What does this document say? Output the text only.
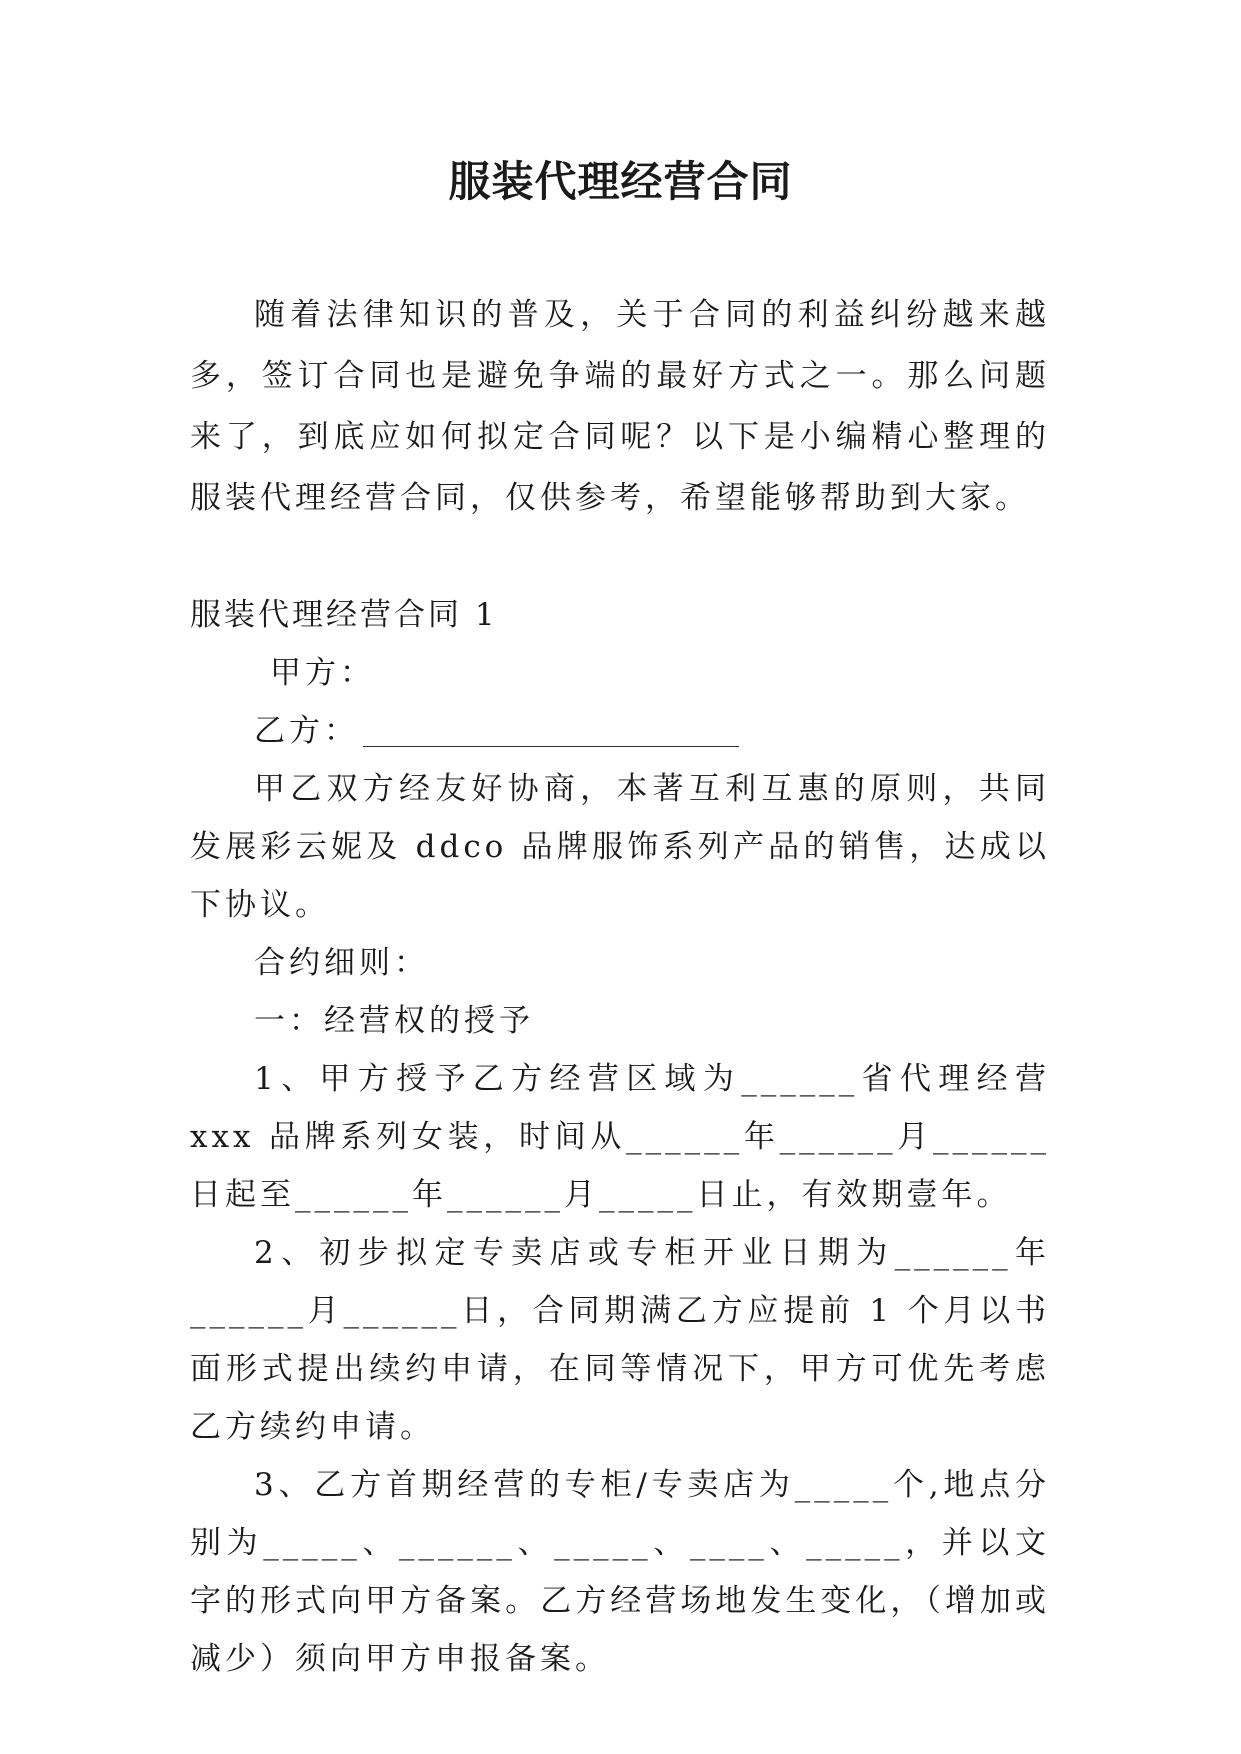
服装代理经营合同

随着法律知识的普及，关于合同的利益纠纷越来越多，签订合同也是避免争端的最好方式之一。那么问题来了，到底应如何拟定合同呢？以下是小编精心整理的服装代理经营合同，仅供参考，希望能够帮助到大家。

服装代理经营合同 1

甲方：

乙方：

甲乙双方经友好协商，本著互利互惠的原则，共同发展彩云妮及 ddco 品牌服饰系列产品的销售，达成以下协议。

合约细则：

一：经营权的授予

1、甲方授予乙方经营区域为______省代理经营 xxx 品牌系列女装，时间从______年______月______日起至______年______月_____日止，有效期壹年。

2、初步拟定专卖店或专柜开业日期为______年______月______日，合同期满乙方应提前 1 个月以书面形式提出续约申请，在同等情况下，甲方可优先考虑乙方续约申请。

3、乙方首期经营的专柜/专卖店为_____个,地点分别为_____、______、_____、____、_____，并以文字的形式向甲方备案。乙方经营场地发生变化，（增加或减少）须向甲方申报备案。
